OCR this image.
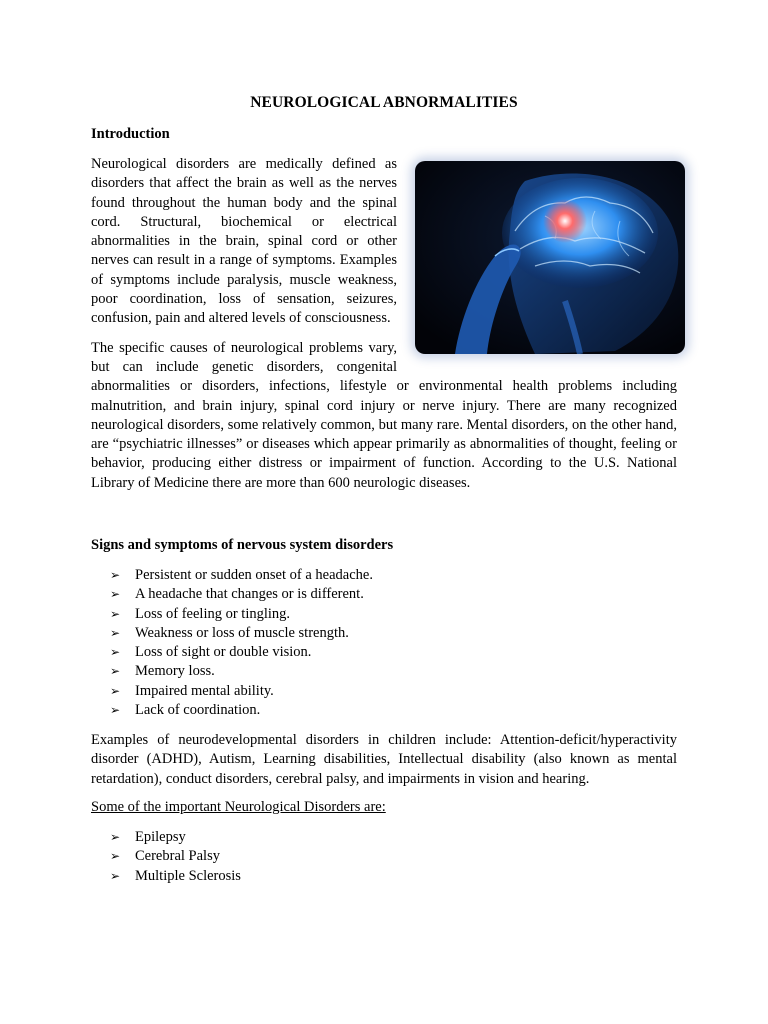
NEUROLOGICAL ABNORMALITIES
Introduction

Neurological disorders are medically defined as disorders that affect the brain as well as the nerves found throughout the human body and the spinal cord. Structural, biochemical or electrical abnormalities in the brain, spinal cord or other nerves can result in a range of symptoms. Examples of symptoms include paralysis, muscle weakness, poor coordination, loss of sensation, seizures, confusion, pain and altered levels of consciousness.

The specific causes of neurological problems vary, but can include genetic disorders, congenital abnormalities or disorders, infections, lifestyle or environmental health problems including malnutrition, and brain injury, spinal cord injury or nerve injury. There are many recognized neurological disorders, some relatively common, but many rare. Mental disorders, on the other hand, are “psychiatric illnesses” or diseases which appear primarily as abnormalities of thought, feeling or behavior, producing either distress or impairment of function. According to the U.S. National Library of Medicine there are more than 600 neurologic diseases.

Signs and symptoms of nervous system disorders
➢ Persistent or sudden onset of a headache.
➢ A headache that changes or is different.
➢ Loss of feeling or tingling.
➢ Weakness or loss of muscle strength.
➢ Loss of sight or double vision.
➢ Memory loss.
➢ Impaired mental ability.
➢ Lack of coordination.

Examples of neurodevelopmental disorders in children include: Attention-deficit/hyperactivity disorder (ADHD), Autism, Learning disabilities, Intellectual disability (also known as mental retardation), conduct disorders, cerebral palsy, and impairments in vision and hearing.

Some of the important Neurological Disorders are:
➢ Epilepsy
➢ Cerebral Palsy
➢ Multiple Sclerosis
